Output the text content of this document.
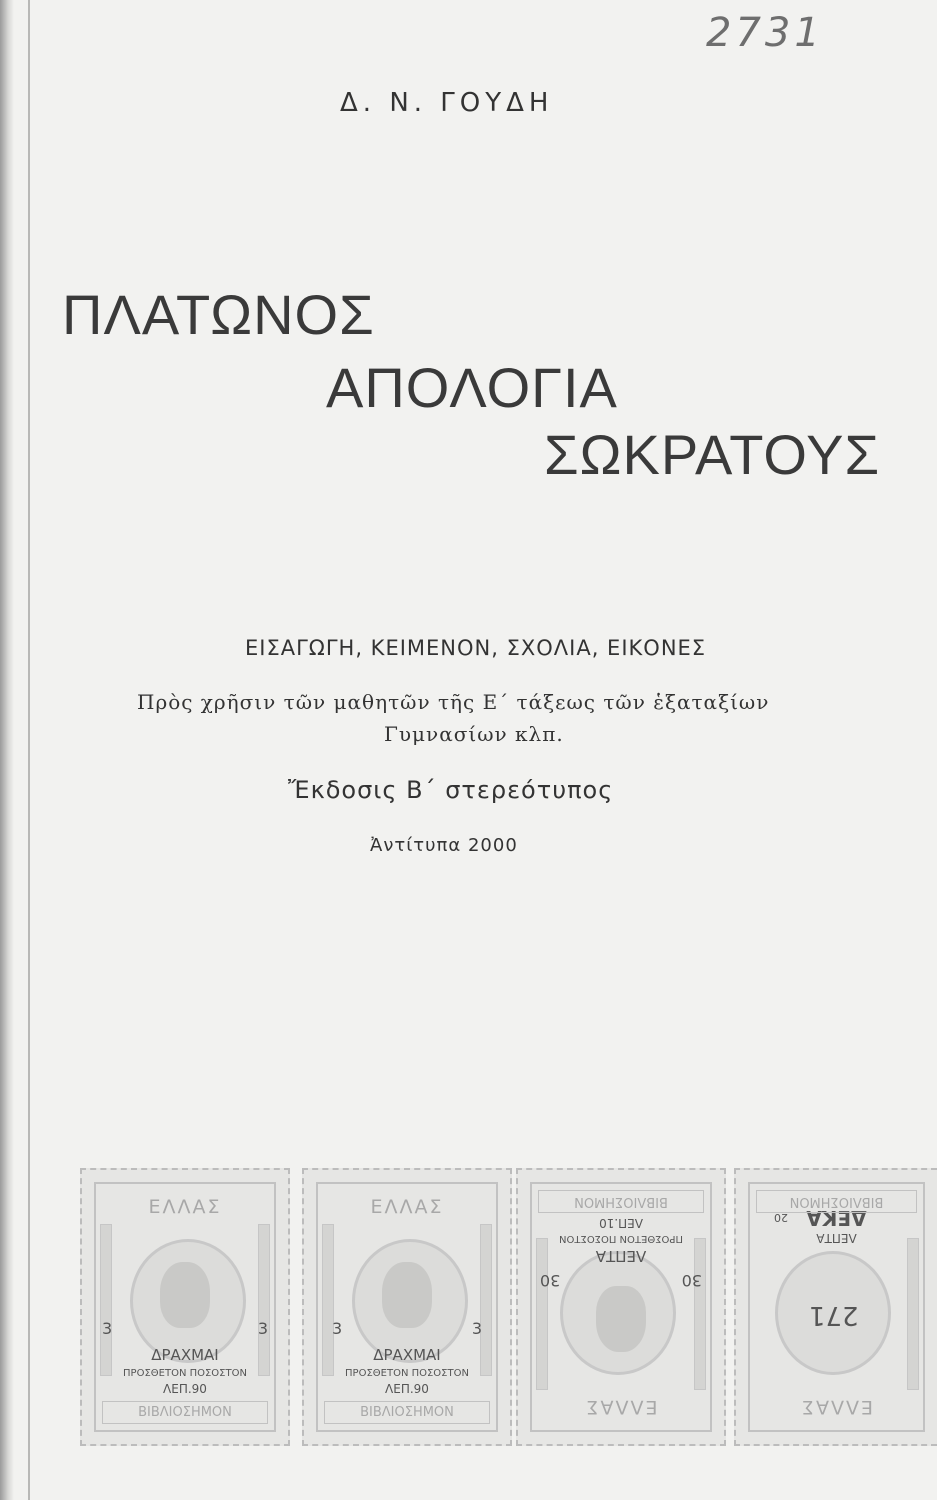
2731
Δ. Ν. ΓΟΥΔΗ
ΠΛΑΤΩΝΟΣ
ΑΠΟΛΟΓΙΑ
ΣΩΚΡΑΤΟΥΣ
ΕΙΣΑΓΩΓΗ, ΚΕΙΜΕΝΟΝ, ΣΧΟΛΙΑ, ΕΙΚΟΝΕΣ
Πρὸς χρῆσιν τῶν μαθητῶν τῆς Ε΄ τάξεως τῶν ἑξαταξίων
Γυμνασίων κλπ.
Ἔκδοσις Β΄ στερεότυπος
Ἀντίτυπα 2000
ΕΛΛΑΣ
3	3
ΔΡΑΧΜΑΙ
ΠΡΟΣΘΕΤΟΝ ΠΟΣΟΣΤΟΝ
ΛΕΠ.90
ΒΙΒΛΙΟΣΗΜΟΝ
ΕΛΛΑΣ
3	3
ΔΡΑΧΜΑΙ
ΠΡΟΣΘΕΤΟΝ ΠΟΣΟΣΤΟΝ
ΛΕΠ.90
ΒΙΒΛΙΟΣΗΜΟΝ	ΕΛΛΑΣ
30
30
ΛΕΠΤΑ
ΠΡΟΣΘΕΤΟΝ ΠΟΣΟΣΤΟΝ
ΛΕΠ.10
ΒΙΒΛΙΟΣΗΜΟΝ
ΕΛΛΑΣ
271
ΛΕΠΤΑ
ΔΕΚΑ
20
ΒΙΒΛΙΟΣΗΜΟΝ
